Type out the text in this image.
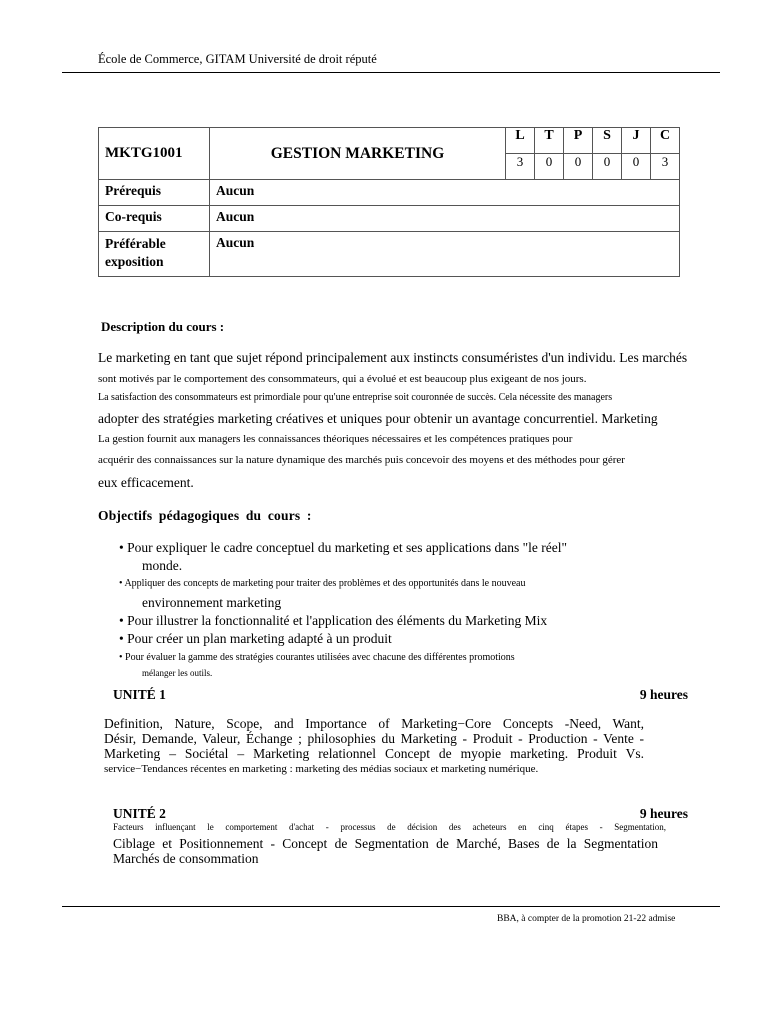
École de Commerce, GITAM Université de droit réputé
MKTG1001	GESTION MARKETING	L	T	P	S	J	C
		3	0	0	0	0	3
Prérequis	Aucun						
Co-requis	Aucun						
Préférable
exposition	Aucun						
Description du cours :
Le marketing en tant que sujet répond principalement aux instincts consuméristes d'un individu. Les marchés
sont motivés par le comportement des consommateurs, qui a évolué et est beaucoup plus exigeant de nos jours.
La satisfaction des consommateurs est primordiale pour qu'une entreprise soit couronnée de succès. Cela nécessite des managers
adopter des stratégies marketing créatives et uniques pour obtenir un avantage concurrentiel. Marketing
La gestion fournit aux managers les connaissances théoriques nécessaires et les compétences pratiques pour
acquérir des connaissances sur la nature dynamique des marchés puis concevoir des moyens et des méthodes pour gérer
eux efficacement.
Objectifs pédagogiques du cours :
• Pour expliquer le cadre conceptuel du marketing et ses applications dans "le réel"
monde.
• Appliquer des concepts de marketing pour traiter des problèmes et des opportunités dans le nouveau
environnement marketing
• Pour illustrer la fonctionnalité et l'application des éléments du Marketing Mix
• Pour créer un plan marketing adapté à un produit
• Pour évaluer la gamme des stratégies courantes utilisées avec chacune des différentes promotions
mélanger les outils.
UNITÉ 1	9 heures
Definition, Nature, Scope, and Importance of Marketing−Core Concepts -Need, Want,
Désir, Demande, Valeur, Échange ; philosophies du Marketing - Produit - Production - Vente -
Marketing – Sociétal – Marketing relationnel Concept de myopie marketing. Produit Vs.
service−Tendances récentes en marketing : marketing des médias sociaux et marketing numérique.
UNITÉ 2	9 heures
Facteurs influençant le comportement d'achat - processus de décision des acheteurs en cinq étapes - Segmentation,
Ciblage et Positionnement - Concept de Segmentation de Marché, Bases de la Segmentation
Marchés de consommation
BBA, à compter de la promotion 21-22 admise
